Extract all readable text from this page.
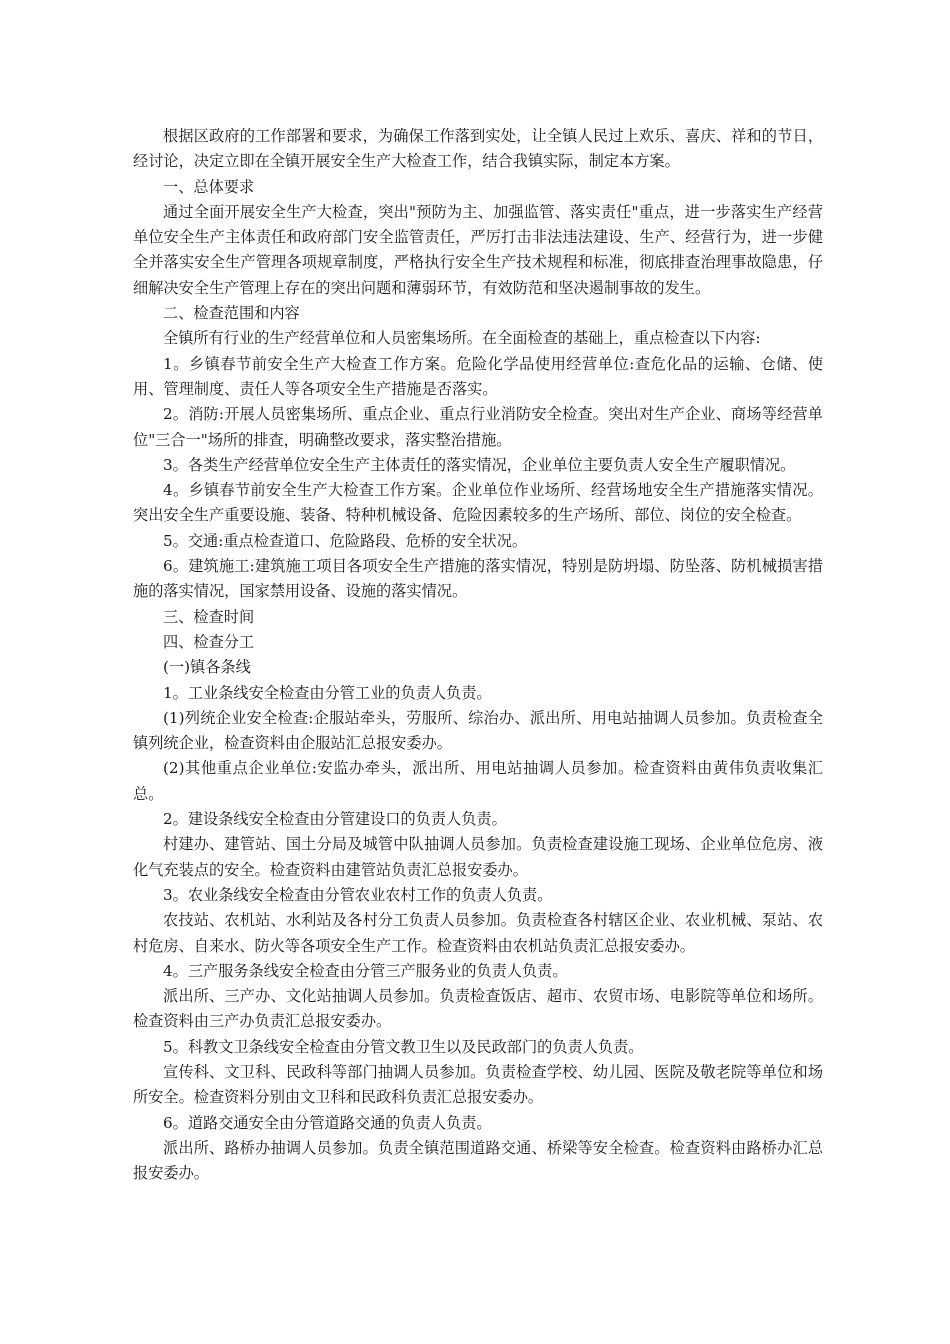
根据区政府的工作部署和要求，为确保工作落到实处，让全镇人民过上欢乐、喜庆、祥和的节日，经讨论，决定立即在全镇开展安全生产大检查工作，结合我镇实际，制定本方案。

一、总体要求

通过全面开展安全生产大检查，突出"预防为主、加强监管、落实责任"重点，进一步落实生产经营单位安全生产主体责任和政府部门安全监管责任，严厉打击非法违法建设、生产、经营行为，进一步健全并落实安全生产管理各项规章制度，严格执行安全生产技术规程和标准，彻底排查治理事故隐患，仔细解决安全生产管理上存在的突出问题和薄弱环节，有效防范和坚决遏制事故的发生。

二、检查范围和内容

全镇所有行业的生产经营单位和人员密集场所。在全面检查的基础上，重点检查以下内容:

1。乡镇春节前安全生产大检查工作方案。危险化学品使用经营单位:查危化品的运输、仓储、使用、管理制度、责任人等各项安全生产措施是否落实。

2。消防:开展人员密集场所、重点企业、重点行业消防安全检查。突出对生产企业、商场等经营单位"三合一"场所的排查，明确整改要求，落实整治措施。

3。各类生产经营单位安全生产主体责任的落实情况，企业单位主要负责人安全生产履职情况。

4。乡镇春节前安全生产大检查工作方案。企业单位作业场所、经营场地安全生产措施落实情况。突出安全生产重要设施、装备、特种机械设备、危险因素较多的生产场所、部位、岗位的安全检查。

5。交通:重点检查道口、危险路段、危桥的安全状况。

6。建筑施工:建筑施工项目各项安全生产措施的落实情况，特别是防坍塌、防坠落、防机械损害措施的落实情况，国家禁用设备、设施的落实情况。

三、检查时间

四、检查分工

(一)镇各条线

1。工业条线安全检查由分管工业的负责人负责。

(1)列统企业安全检查:企服站牵头，劳服所、综治办、派出所、用电站抽调人员参加。负责检查全镇列统企业，检查资料由企服站汇总报安委办。

(2)其他重点企业单位:安监办牵头，派出所、用电站抽调人员参加。检查资料由黄伟负责收集汇总。

2。建设条线安全检查由分管建设口的负责人负责。

村建办、建管站、国土分局及城管中队抽调人员参加。负责检查建设施工现场、企业单位危房、液化气充装点的安全。检查资料由建管站负责汇总报安委办。

3。农业条线安全检查由分管农业农村工作的负责人负责。

农技站、农机站、水利站及各村分工负责人员参加。负责检查各村辖区企业、农业机械、泵站、农村危房、自来水、防火等各项安全生产工作。检查资料由农机站负责汇总报安委办。

4。三产服务条线安全检查由分管三产服务业的负责人负责。

派出所、三产办、文化站抽调人员参加。负责检查饭店、超市、农贸市场、电影院等单位和场所。检查资料由三产办负责汇总报安委办。

5。科教文卫条线安全检查由分管文教卫生以及民政部门的负责人负责。

宣传科、文卫科、民政科等部门抽调人员参加。负责检查学校、幼儿园、医院及敬老院等单位和场所安全。检查资料分别由文卫科和民政科负责汇总报安委办。

6。道路交通安全由分管道路交通的负责人负责。

派出所、路桥办抽调人员参加。负责全镇范围道路交通、桥梁等安全检查。检查资料由路桥办汇总报安委办。
